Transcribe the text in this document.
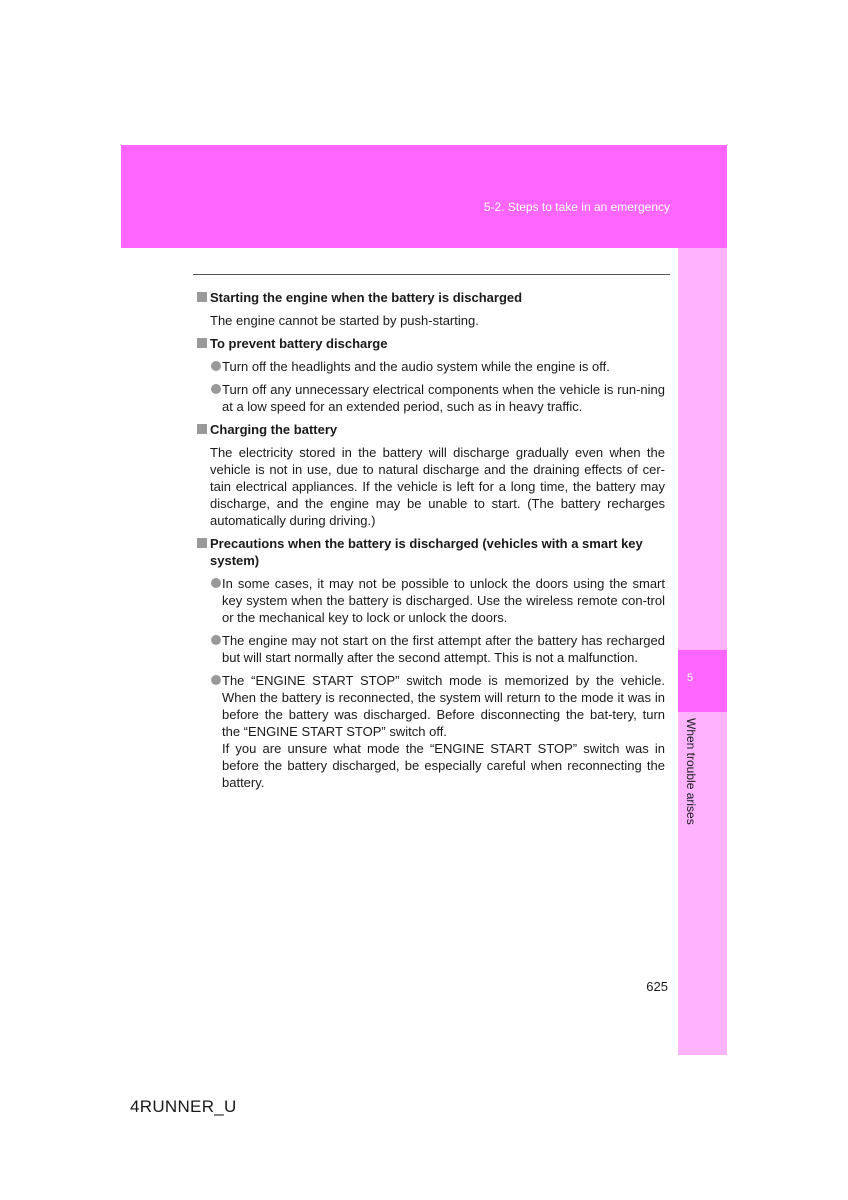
5-2. Steps to take in an emergency
5
When trouble arises
Starting the engine when the battery is discharged
The engine cannot be started by push-starting.
To prevent battery discharge
Turn off the headlights and the audio system while the engine is off.
Turn off any unnecessary electrical components when the vehicle is run-ning at a low speed for an extended period, such as in heavy traffic.
Charging the battery
The electricity stored in the battery will discharge gradually even when the vehicle is not in use, due to natural discharge and the draining effects of cer-tain electrical appliances. If the vehicle is left for a long time, the battery may discharge, and the engine may be unable to start. (The battery recharges automatically during driving.)
Precautions when the battery is discharged (vehicles with a smart key system)
In some cases, it may not be possible to unlock the doors using the smart key system when the battery is discharged. Use the wireless remote con-trol or the mechanical key to lock or unlock the doors.
The engine may not start on the first attempt after the battery has recharged but will start normally after the second attempt. This is not a malfunction.
The “ENGINE START STOP” switch mode is memorized by the vehicle. When the battery is reconnected, the system will return to the mode it was in before the battery was discharged. Before disconnecting the bat-tery, turn the “ENGINE START STOP” switch off.
If you are unsure what mode the “ENGINE START STOP” switch was in before the battery discharged, be especially careful when reconnecting the battery.
625
4RUNNER_U
